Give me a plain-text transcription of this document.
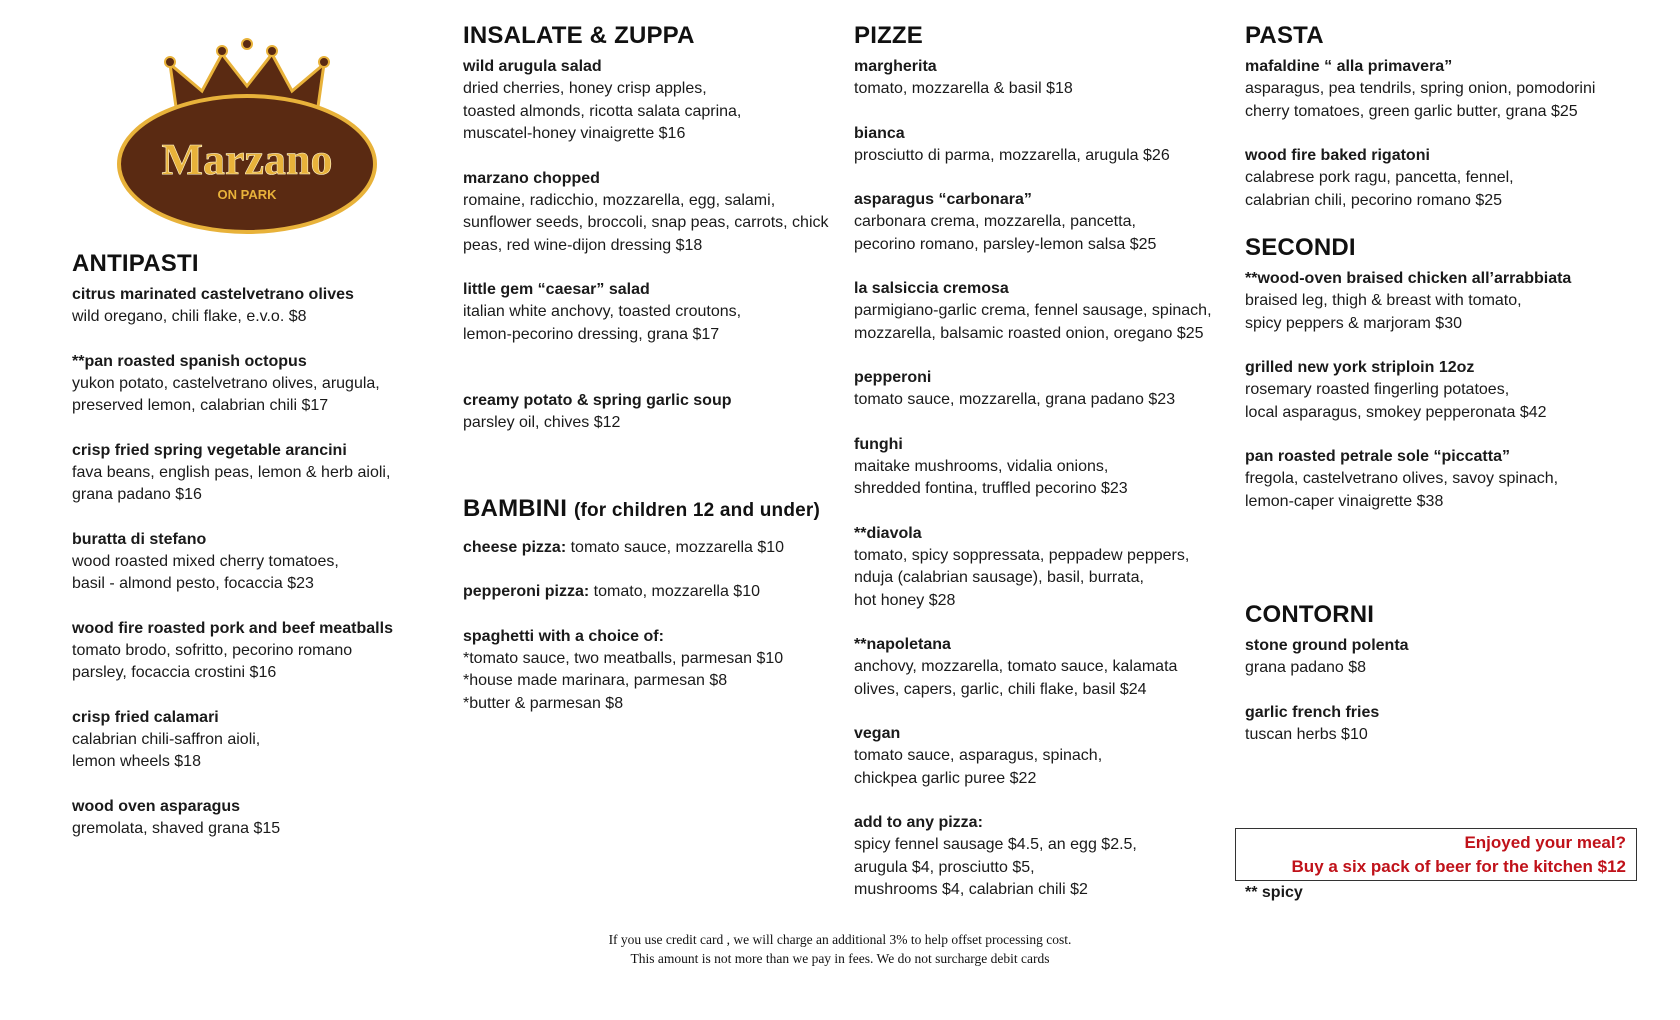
Marzano
ON PARK
ANTIPASTI
citrus marinated castelvetrano olives
wild oregano, chili flake, e.v.o. $8
**pan roasted spanish octopus
yukon potato, castelvetrano olives, arugula,
preserved lemon, calabrian chili $17
crisp fried spring vegetable arancini
fava beans, english peas, lemon & herb aioli,
grana padano $16
buratta di stefano
wood roasted mixed cherry tomatoes,
basil - almond pesto, focaccia $23
wood fire roasted pork and beef meatballs
tomato brodo, sofritto, pecorino romano
parsley, focaccia crostini $16
crisp fried calamari
calabrian chili-saffron aioli,
lemon wheels $18
wood oven asparagus
gremolata, shaved grana $15
INSALATE & ZUPPA
wild arugula salad
dried cherries, honey crisp apples,
toasted almonds, ricotta salata caprina,
muscatel-honey vinaigrette $16
marzano chopped
romaine, radicchio, mozzarella, egg, salami,
sunflower seeds, broccoli, snap peas, carrots, chick
peas, red wine-dijon dressing $18
little gem “caesar” salad
italian white anchovy, toasted croutons,
lemon-pecorino dressing, grana $17
creamy potato & spring garlic soup
parsley oil, chives $12
BAMBINI (for children 12 and under)
cheese pizza: tomato sauce, mozzarella $10
pepperoni pizza: tomato, mozzarella $10
spaghetti with a choice of:
*tomato sauce, two meatballs, parmesan $10
*house made marinara, parmesan $8
*butter & parmesan $8
PIZZE
margherita
tomato, mozzarella & basil $18
bianca
prosciutto di parma, mozzarella, arugula $26
asparagus “carbonara”
carbonara crema, mozzarella, pancetta,
pecorino romano, parsley-lemon salsa $25
la salsiccia cremosa
parmigiano-garlic crema, fennel sausage, spinach,
mozzarella, balsamic roasted onion, oregano $25
pepperoni
tomato sauce, mozzarella, grana padano $23
funghi
maitake mushrooms, vidalia onions,
shredded fontina, truffled pecorino $23
**diavola
tomato, spicy soppressata, peppadew peppers,
nduja (calabrian sausage), basil, burrata,
hot honey $28
**napoletana
anchovy, mozzarella, tomato sauce, kalamata
olives, capers, garlic, chili flake, basil $24
vegan
tomato sauce, asparagus, spinach,
chickpea garlic puree $22
add to any pizza:
spicy fennel sausage $4.5, an egg $2.5,
arugula $4, prosciutto $5,
mushrooms $4, calabrian chili $2
PASTA
mafaldine “ alla primavera”
asparagus, pea tendrils, spring onion, pomodorini
cherry tomatoes, green garlic butter, grana $25
wood fire baked rigatoni
calabrese pork ragu, pancetta, fennel,
calabrian chili, pecorino romano $25
SECONDI
**wood-oven braised chicken all’arrabbiata
braised leg, thigh & breast with tomato,
spicy peppers & marjoram $30
grilled new york striploin 12oz
rosemary roasted fingerling potatoes,
local asparagus, smokey pepperonata $42
pan roasted petrale sole “piccatta”
fregola, castelvetrano olives, savoy spinach,
lemon-caper vinaigrette $38
CONTORNI
stone ground polenta
grana padano $8
garlic french fries
tuscan herbs $10
Enjoyed your meal?
Buy a six pack of beer for the kitchen $12
** spicy
If you use credit card , we will charge an additional 3% to help offset processing cost.
This amount is not more than we pay in fees. We do not surcharge debit cards
